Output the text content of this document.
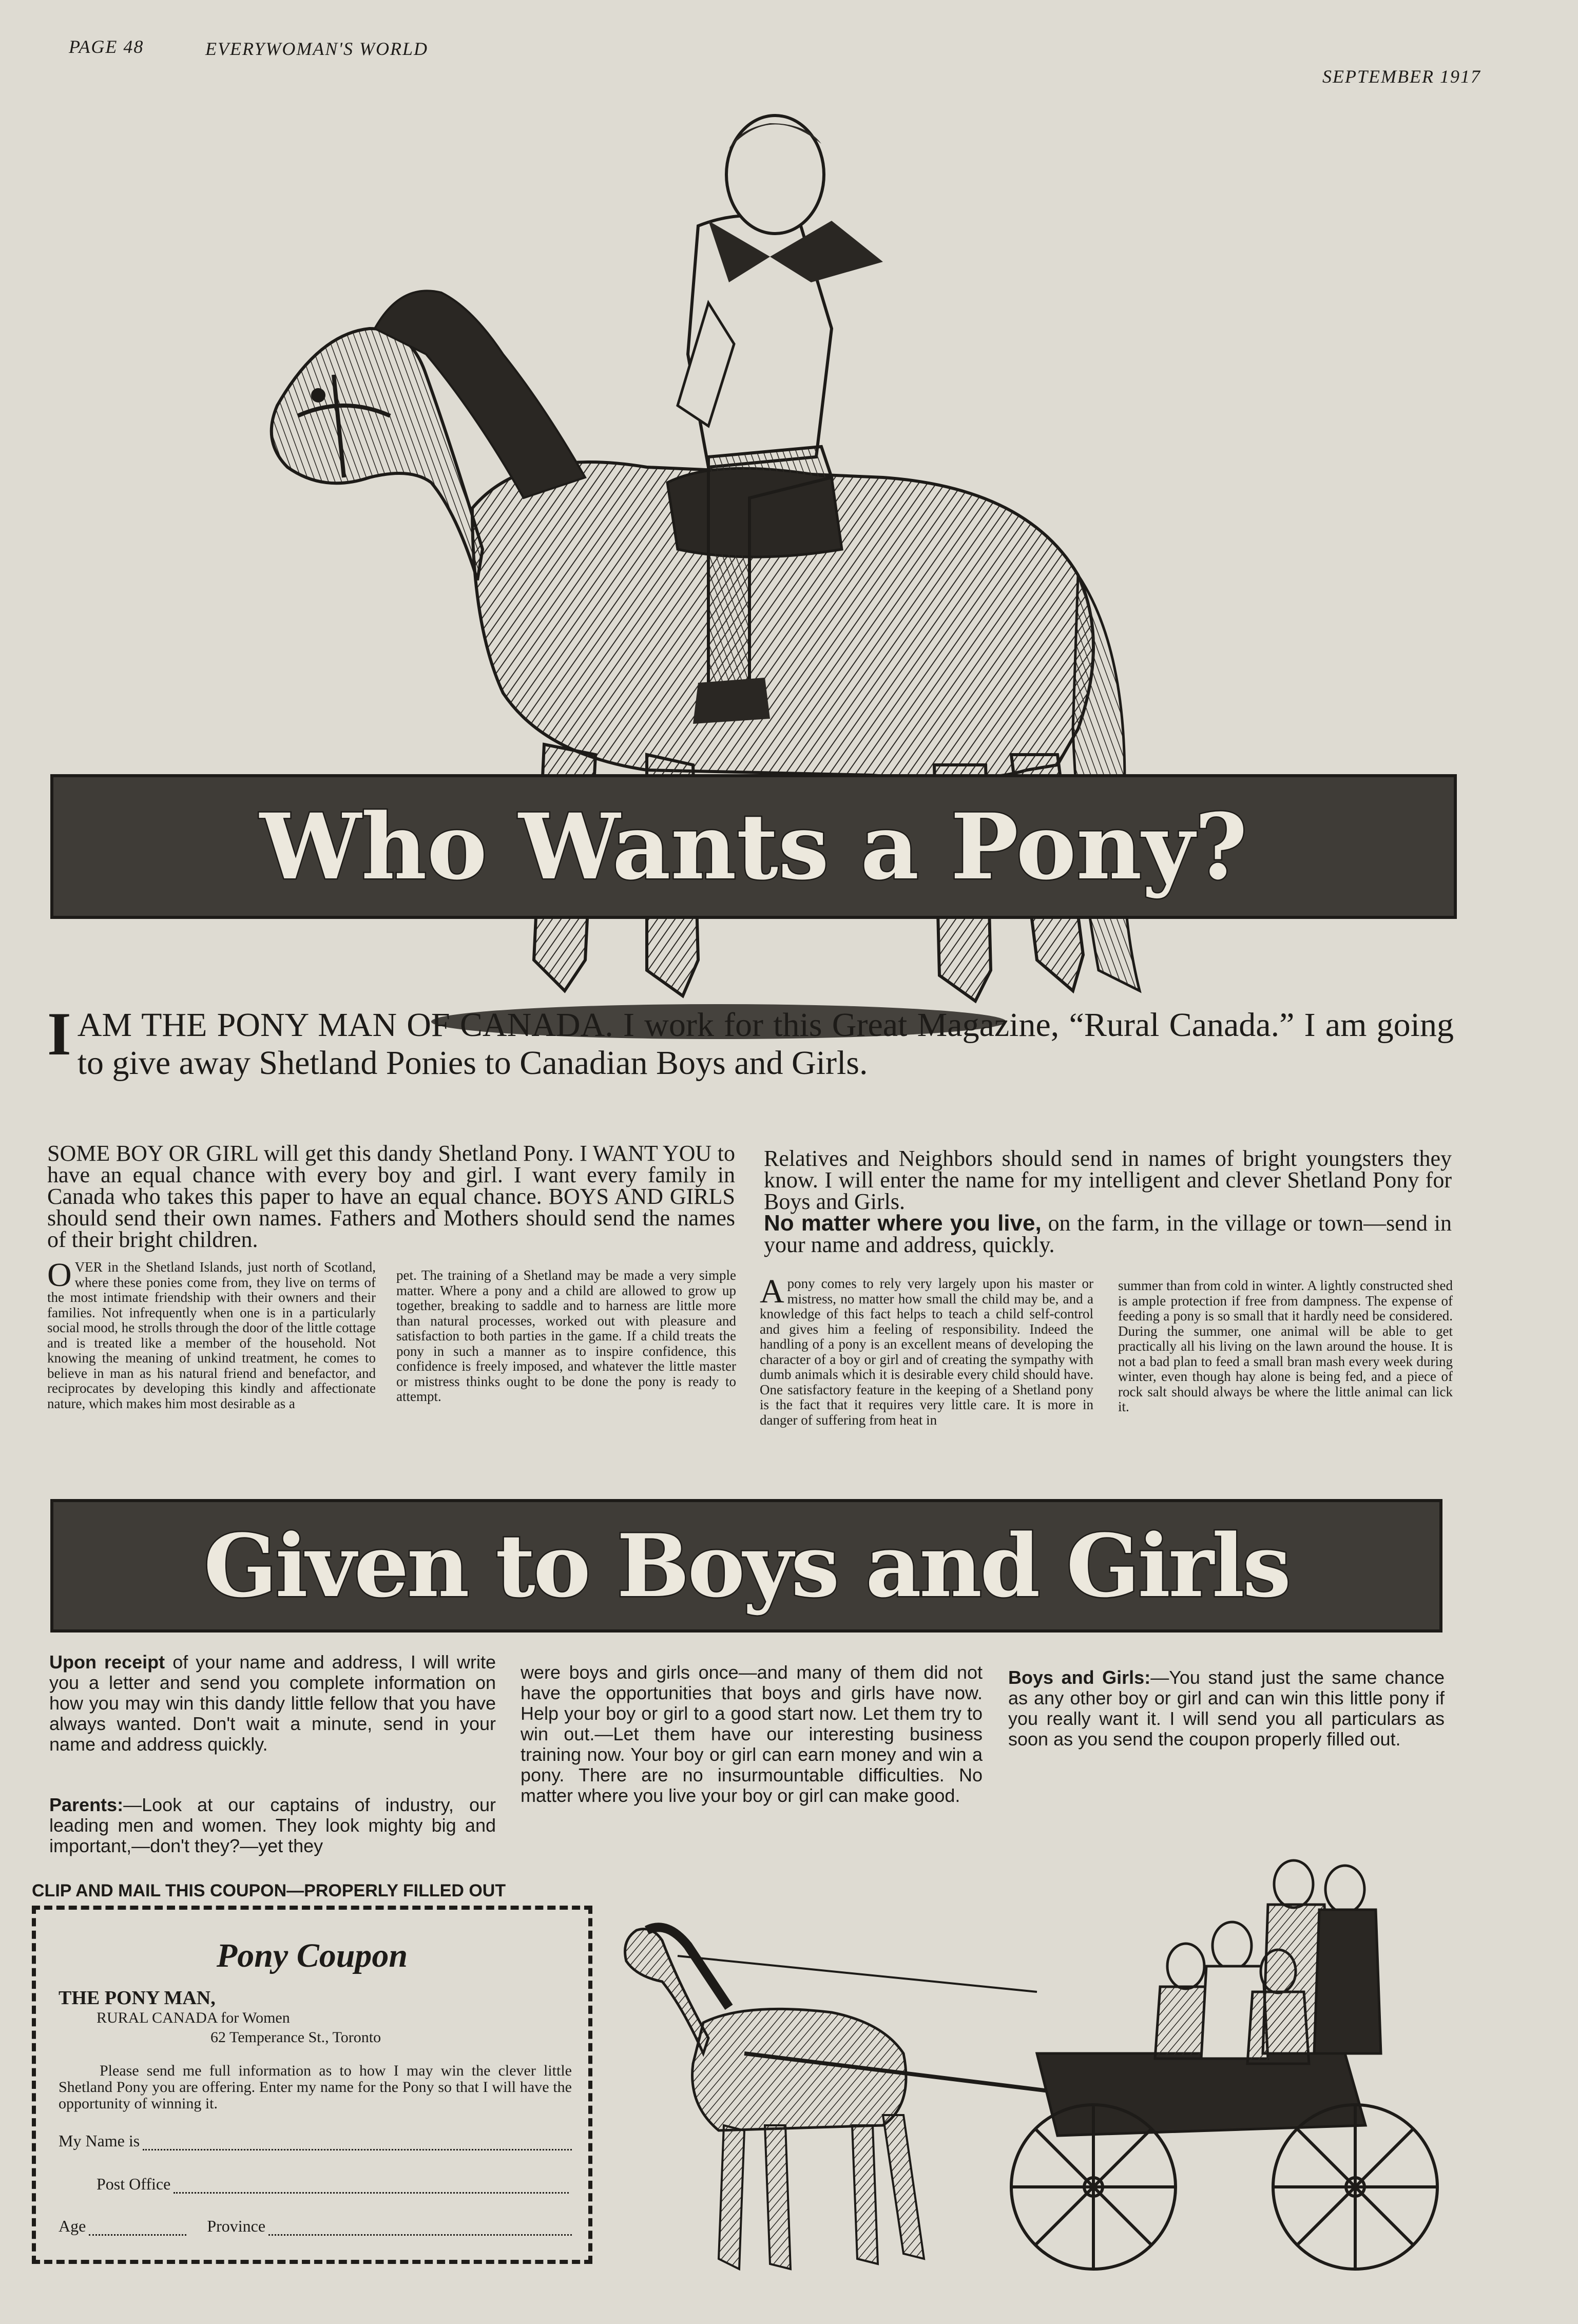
PAGE 48	EVERYWOMAN'S WORLD
SEPTEMBER 1917
Who Wants a Pony?
I AM THE PONY MAN OF CANADA. I work for this Great Magazine, “Rural Canada.” I am going to give away Shetland Ponies to Canadian Boys and Girls.
SOME BOY OR GIRL will get this dandy Shetland Pony. I WANT YOU to have an equal chance with every boy and girl. I want every family in Canada who takes this paper to have an equal chance. BOYS AND GIRLS should send their own names. Fathers and Mothers should send the names of their bright children.
Relatives and Neighbors should send in names of bright youngsters they know. I will enter the name for my intelligent and clever Shetland Pony for Boys and Girls.
No matter where you live, on the farm, in the village or town—send in your name and address, quickly.
O VER in the Shetland Islands, just north of Scotland, where these ponies come from, they live on terms of the most intimate friendship with their owners and their families. Not infrequently when one is in a particularly social mood, he strolls through the door of the little cottage and is treated like a member of the household. Not knowing the meaning of unkind treatment, he comes to believe in man as his natural friend and benefactor, and reciprocates by developing this kindly and affectionate nature, which makes him most desirable as a
pet. The training of a Shetland may be made a very simple matter. Where a pony and a child are allowed to grow up together, breaking to saddle and to harness are little more than natural processes, worked out with pleasure and satisfaction to both parties in the game. If a child treats the pony in such a manner as to inspire confidence, this confidence is freely imposed, and whatever the little master or mistress thinks ought to be done the pony is ready to attempt.
A pony comes to rely very largely upon his master or mistress, no matter how small the child may be, and a knowledge of this fact helps to teach a child self-control and gives him a feeling of responsibility. Indeed the handling of a pony is an excellent means of developing the character of a boy or girl and of creating the sympathy with dumb animals which it is desirable every child should have. One satisfactory feature in the keeping of a Shetland pony is the fact that it requires very little care. It is more in danger of suffering from heat in
summer than from cold in winter. A lightly constructed shed is ample protection if free from dampness. The expense of feeding a pony is so small that it hardly need be considered. During the summer, one animal will be able to get practically all his living on the lawn around the house. It is not a bad plan to feed a small bran mash every week during winter, even though hay alone is being fed, and a piece of rock salt should always be where the little animal can lick it.
Given to Boys and Girls
Upon receipt of your name and address, I will write you a letter and send you complete information on how you may win this dandy little fellow that you have always wanted. Don't wait a minute, send in your name and address quickly.
Parents:—Look at our captains of industry, our leading men and women. They look mighty big and important,—don't they?—yet they
were boys and girls once—and many of them did not have the opportunities that boys and girls have now. Help your boy or girl to a good start now. Let them try to win out.—Let them have our interesting business training now. Your boy or girl can earn money and win a pony. There are no insurmountable difficulties. No matter where you live your boy or girl can make good.
Boys and Girls:—You stand just the same chance as any other boy or girl and can win this little pony if you really want it. I will send you all particulars as soon as you send the coupon properly filled out.
CLIP AND MAIL THIS COUPON—PROPERLY FILLED OUT
Pony Coupon
THE PONY MAN,
RURAL CANADA for Women
62 Temperance St., Toronto
Please send me full information as to how I may win the clever little Shetland Pony you are offering. Enter my name for the Pony so that I will have the opportunity of winning it.
My Name is
Post Office
Age	Province
